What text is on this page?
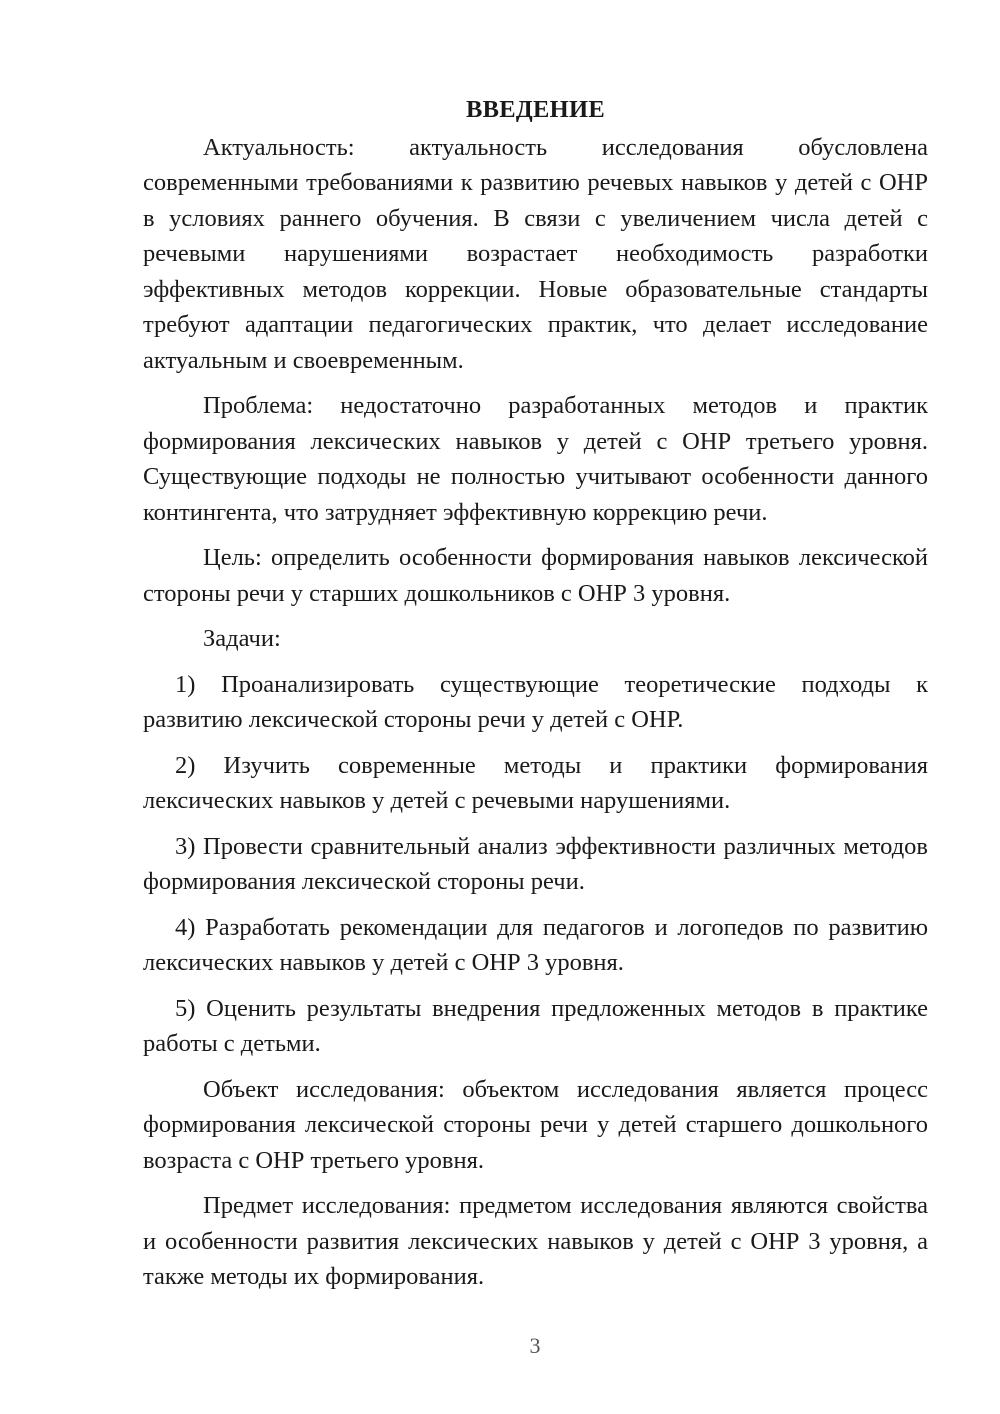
ВВЕДЕНИЕ

Актуальность: актуальность исследования обусловлена современными требованиями к развитию речевых навыков у детей с ОНР в условиях раннего обучения. В связи с увеличением числа детей с речевыми нарушениями возрастает необходимость разработки эффективных методов коррекции. Новые образовательные стандарты требуют адаптации педагогических практик, что делает исследование актуальным и своевременным.

Проблема: недостаточно разработанных методов и практик формирования лексических навыков у детей с ОНР третьего уровня. Существующие подходы не полностью учитывают особенности данного контингента, что затрудняет эффективную коррекцию речи.

Цель: определить особенности формирования навыков лексической стороны речи у старших дошкольников с ОНР 3 уровня.

Задачи:

1) Проанализировать существующие теоретические подходы к развитию лексической стороны речи у детей с ОНР.

2) Изучить современные методы и практики формирования лексических навыков у детей с речевыми нарушениями.

3) Провести сравнительный анализ эффективности различных методов формирования лексической стороны речи.

4) Разработать рекомендации для педагогов и логопедов по развитию лексических навыков у детей с ОНР 3 уровня.

5) Оценить результаты внедрения предложенных методов в практике работы с детьми.

Объект исследования: объектом исследования является процесс формирования лексической стороны речи у детей старшего дошкольного возраста с ОНР третьего уровня.

Предмет исследования: предметом исследования являются свойства и особенности развития лексических навыков у детей с ОНР 3 уровня, а также методы их формирования.

3
